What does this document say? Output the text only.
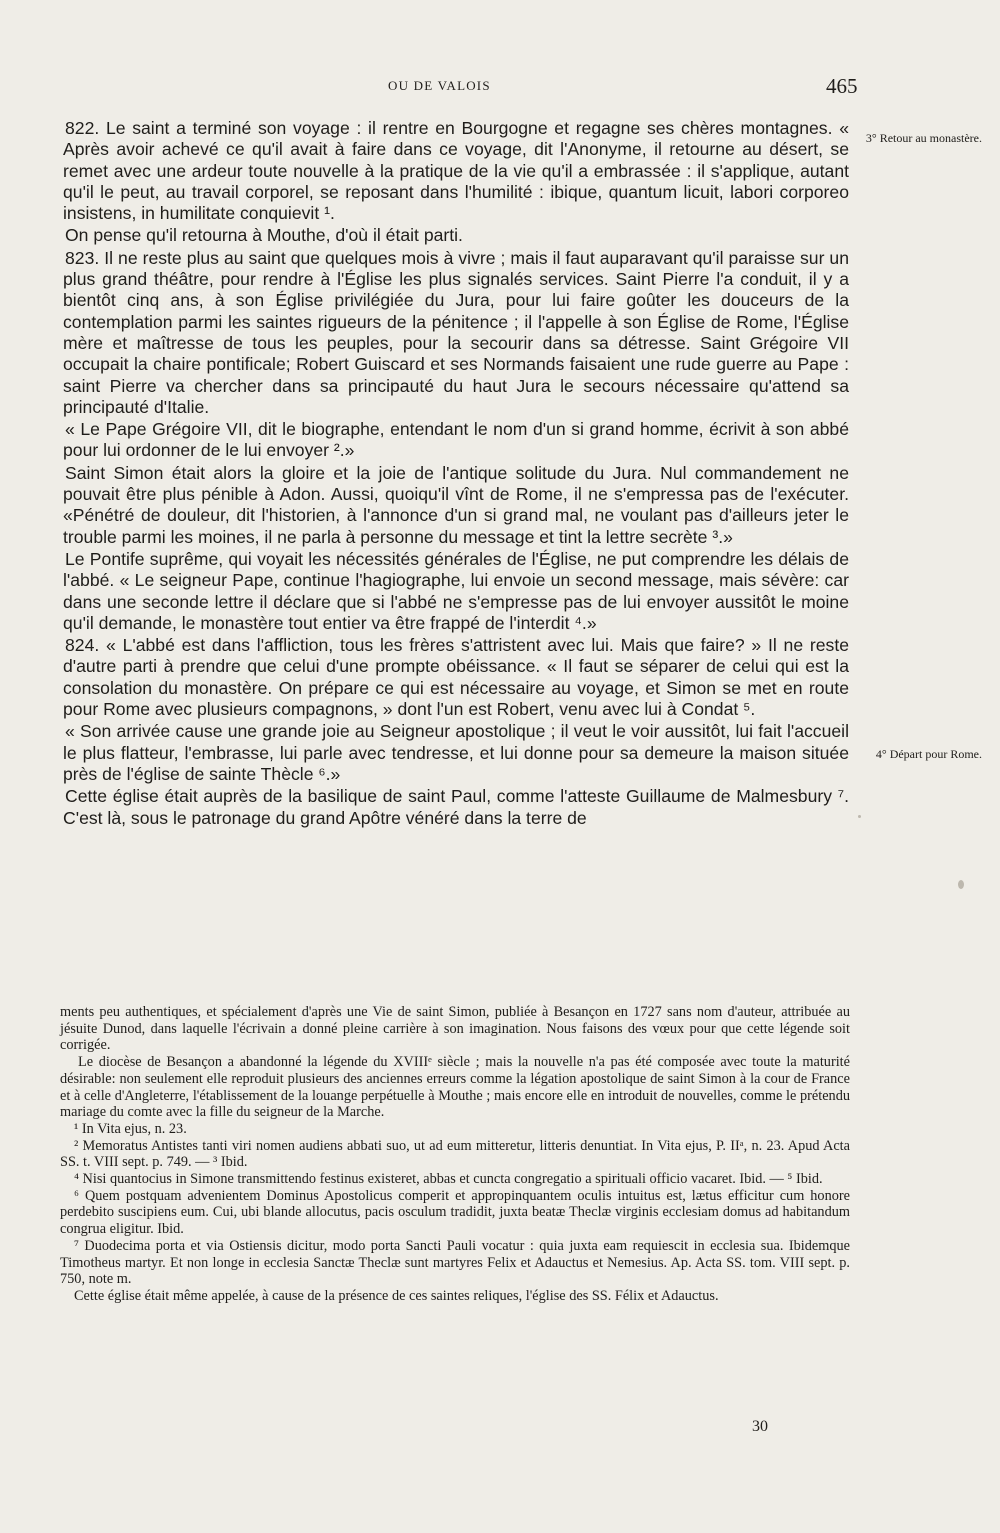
OU DE VALOIS	465
3° Retour au monastère.
4° Départ pour Rome.

822. Le saint a terminé son voyage : il rentre en Bourgogne et regagne ses chères montagnes. « Après avoir achevé ce qu'il avait à faire dans ce voyage, dit l'Anonyme, il retourne au désert, se remet avec une ardeur toute nouvelle à la pratique de la vie qu'il a embrassée : il s'applique, autant qu'il le peut, au travail corporel, se reposant dans l'humilité : ibique, quantum licuit, labori corporeo insistens, in humilitate conquievit ¹.

On pense qu'il retourna à Mouthe, d'où il était parti.

823. Il ne reste plus au saint que quelques mois à vivre ; mais il faut auparavant qu'il paraisse sur un plus grand théâtre, pour rendre à l'Église les plus signalés services. Saint Pierre l'a conduit, il y a bientôt cinq ans, à son Église privilégiée du Jura, pour lui faire goûter les douceurs de la contemplation parmi les saintes rigueurs de la pénitence ; il l'appelle à son Église de Rome, l'Église mère et maîtresse de tous les peuples, pour la secourir dans sa détresse. Saint Grégoire VII occupait la chaire pontificale; Robert Guiscard et ses Normands faisaient une rude guerre au Pape : saint Pierre va chercher dans sa principauté du haut Jura le secours nécessaire qu'attend sa principauté d'Italie.

« Le Pape Grégoire VII, dit le biographe, entendant le nom d'un si grand homme, écrivit à son abbé pour lui ordonner de le lui envoyer ².»

Saint Simon était alors la gloire et la joie de l'antique solitude du Jura. Nul commandement ne pouvait être plus pénible à Adon. Aussi, quoiqu'il vînt de Rome, il ne s'empressa pas de l'exécuter. «Pénétré de douleur, dit l'historien, à l'annonce d'un si grand mal, ne voulant pas d'ailleurs jeter le trouble parmi les moines, il ne parla à personne du message et tint la lettre secrète ³.»

Le Pontife suprême, qui voyait les nécessités générales de l'Église, ne put comprendre les délais de l'abbé. « Le seigneur Pape, continue l'hagiographe, lui envoie un second message, mais sévère: car dans une seconde lettre il déclare que si l'abbé ne s'empresse pas de lui envoyer aussitôt le moine qu'il demande, le monastère tout entier va être frappé de l'interdit ⁴.»

824. « L'abbé est dans l'affliction, tous les frères s'attristent avec lui. Mais que faire? » Il ne reste d'autre parti à prendre que celui d'une prompte obéissance. « Il faut se séparer de celui qui est la consolation du monastère. On prépare ce qui est nécessaire au voyage, et Simon se met en route pour Rome avec plusieurs compagnons, » dont l'un est Robert, venu avec lui à Condat ⁵.

« Son arrivée cause une grande joie au Seigneur apostolique ; il veut le voir aussitôt, lui fait l'accueil le plus flatteur, l'embrasse, lui parle avec tendresse, et lui donne pour sa demeure la maison située près de l'église de sainte Thècle ⁶.»

Cette église était auprès de la basilique de saint Paul, comme l'atteste Guillaume de Malmesbury ⁷. C'est là, sous le patronage du grand Apôtre vénéré dans la terre de

ments peu authentiques, et spécialement d'après une Vie de saint Simon, publiée à Besançon en 1727 sans nom d'auteur, attribuée au jésuite Dunod, dans laquelle l'écrivain a donné pleine carrière à son imagination. Nous faisons des vœux pour que cette légende soit corrigée.

Le diocèse de Besançon a abandonné la légende du XVIIIᵉ siècle ; mais la nouvelle n'a pas été composée avec toute la maturité désirable: non seulement elle reproduit plusieurs des anciennes erreurs comme la légation apostolique de saint Simon à la cour de France et à celle d'Angleterre, l'établissement de la louange perpétuelle à Mouthe ; mais encore elle en introduit de nouvelles, comme le prétendu mariage du comte avec la fille du seigneur de la Marche.

¹ In Vita ejus, n. 23.

² Memoratus Antistes tanti viri nomen audiens abbati suo, ut ad eum mitteretur, litteris denuntiat. In Vita ejus, P. IIᵃ, n. 23. Apud Acta SS. t. VIII sept. p. 749. — ³ Ibid.

⁴ Nisi quantocius in Simone transmittendo festinus existeret, abbas et cuncta congregatio a spirituali officio vacaret. Ibid. — ⁵ Ibid.

⁶ Quem postquam advenientem Dominus Apostolicus comperit et appropinquantem oculis intuitus est, lætus efficitur cum honore perdebito suscipiens eum. Cui, ubi blande allocutus, pacis osculum tradidit, juxta beatæ Theclæ virginis ecclesiam domus ad habitandum congrua eligitur. Ibid.

⁷ Duodecima porta et via Ostiensis dicitur, modo porta Sancti Pauli vocatur : quia juxta eam requiescit in ecclesia sua. Ibidemque Timotheus martyr. Et non longe in ecclesia Sanctæ Theclæ sunt martyres Felix et Adauctus et Nemesius. Ap. Acta SS. tom. VIII sept. p. 750, note m.

Cette église était même appelée, à cause de la présence de ces saintes reliques, l'église des SS. Félix et Adauctus.

30
